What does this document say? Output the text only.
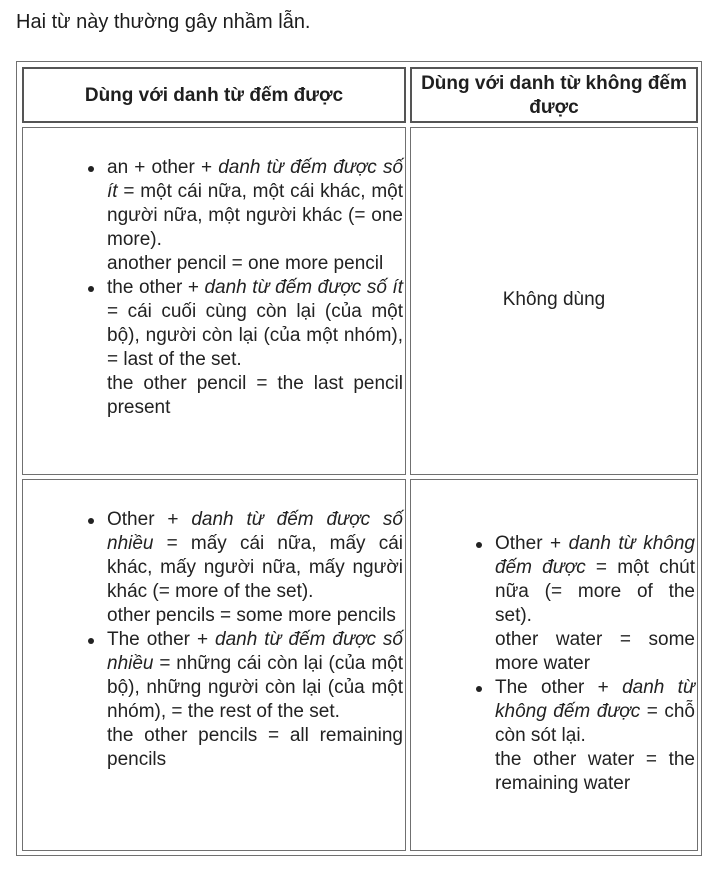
Hai từ này thường gây nhầm lẫn.

Dùng với danh từ đếm được
Dùng với danh từ không đếm được

an + other + danh từ đếm được số ít = một cái nữa, một cái khác, một người nữa, một người khác (= one more).

another pencil = one more pencil

the other + danh từ đếm được số ít = cái cuối cùng còn lại (của một bộ), người còn lại (của một nhóm), = last of the set.

the other pencil = the last pencil present

Không dùng

Other + danh từ đếm được số nhiều = mấy cái nữa, mấy cái khác, mấy người nữa, mấy người khác (= more of the set).

other pencils = some more pencils

The other + danh từ đếm được số nhiều = những cái còn lại (của một bộ), những người còn lại (của một nhóm), = the rest of the set.

the other pencils = all remaining pencils

Other + danh từ không đếm được = một chút nữa (= more of the set).

other water = some more water

The other + danh từ không đếm được = chỗ còn sót lại.

the other water = the remaining water
